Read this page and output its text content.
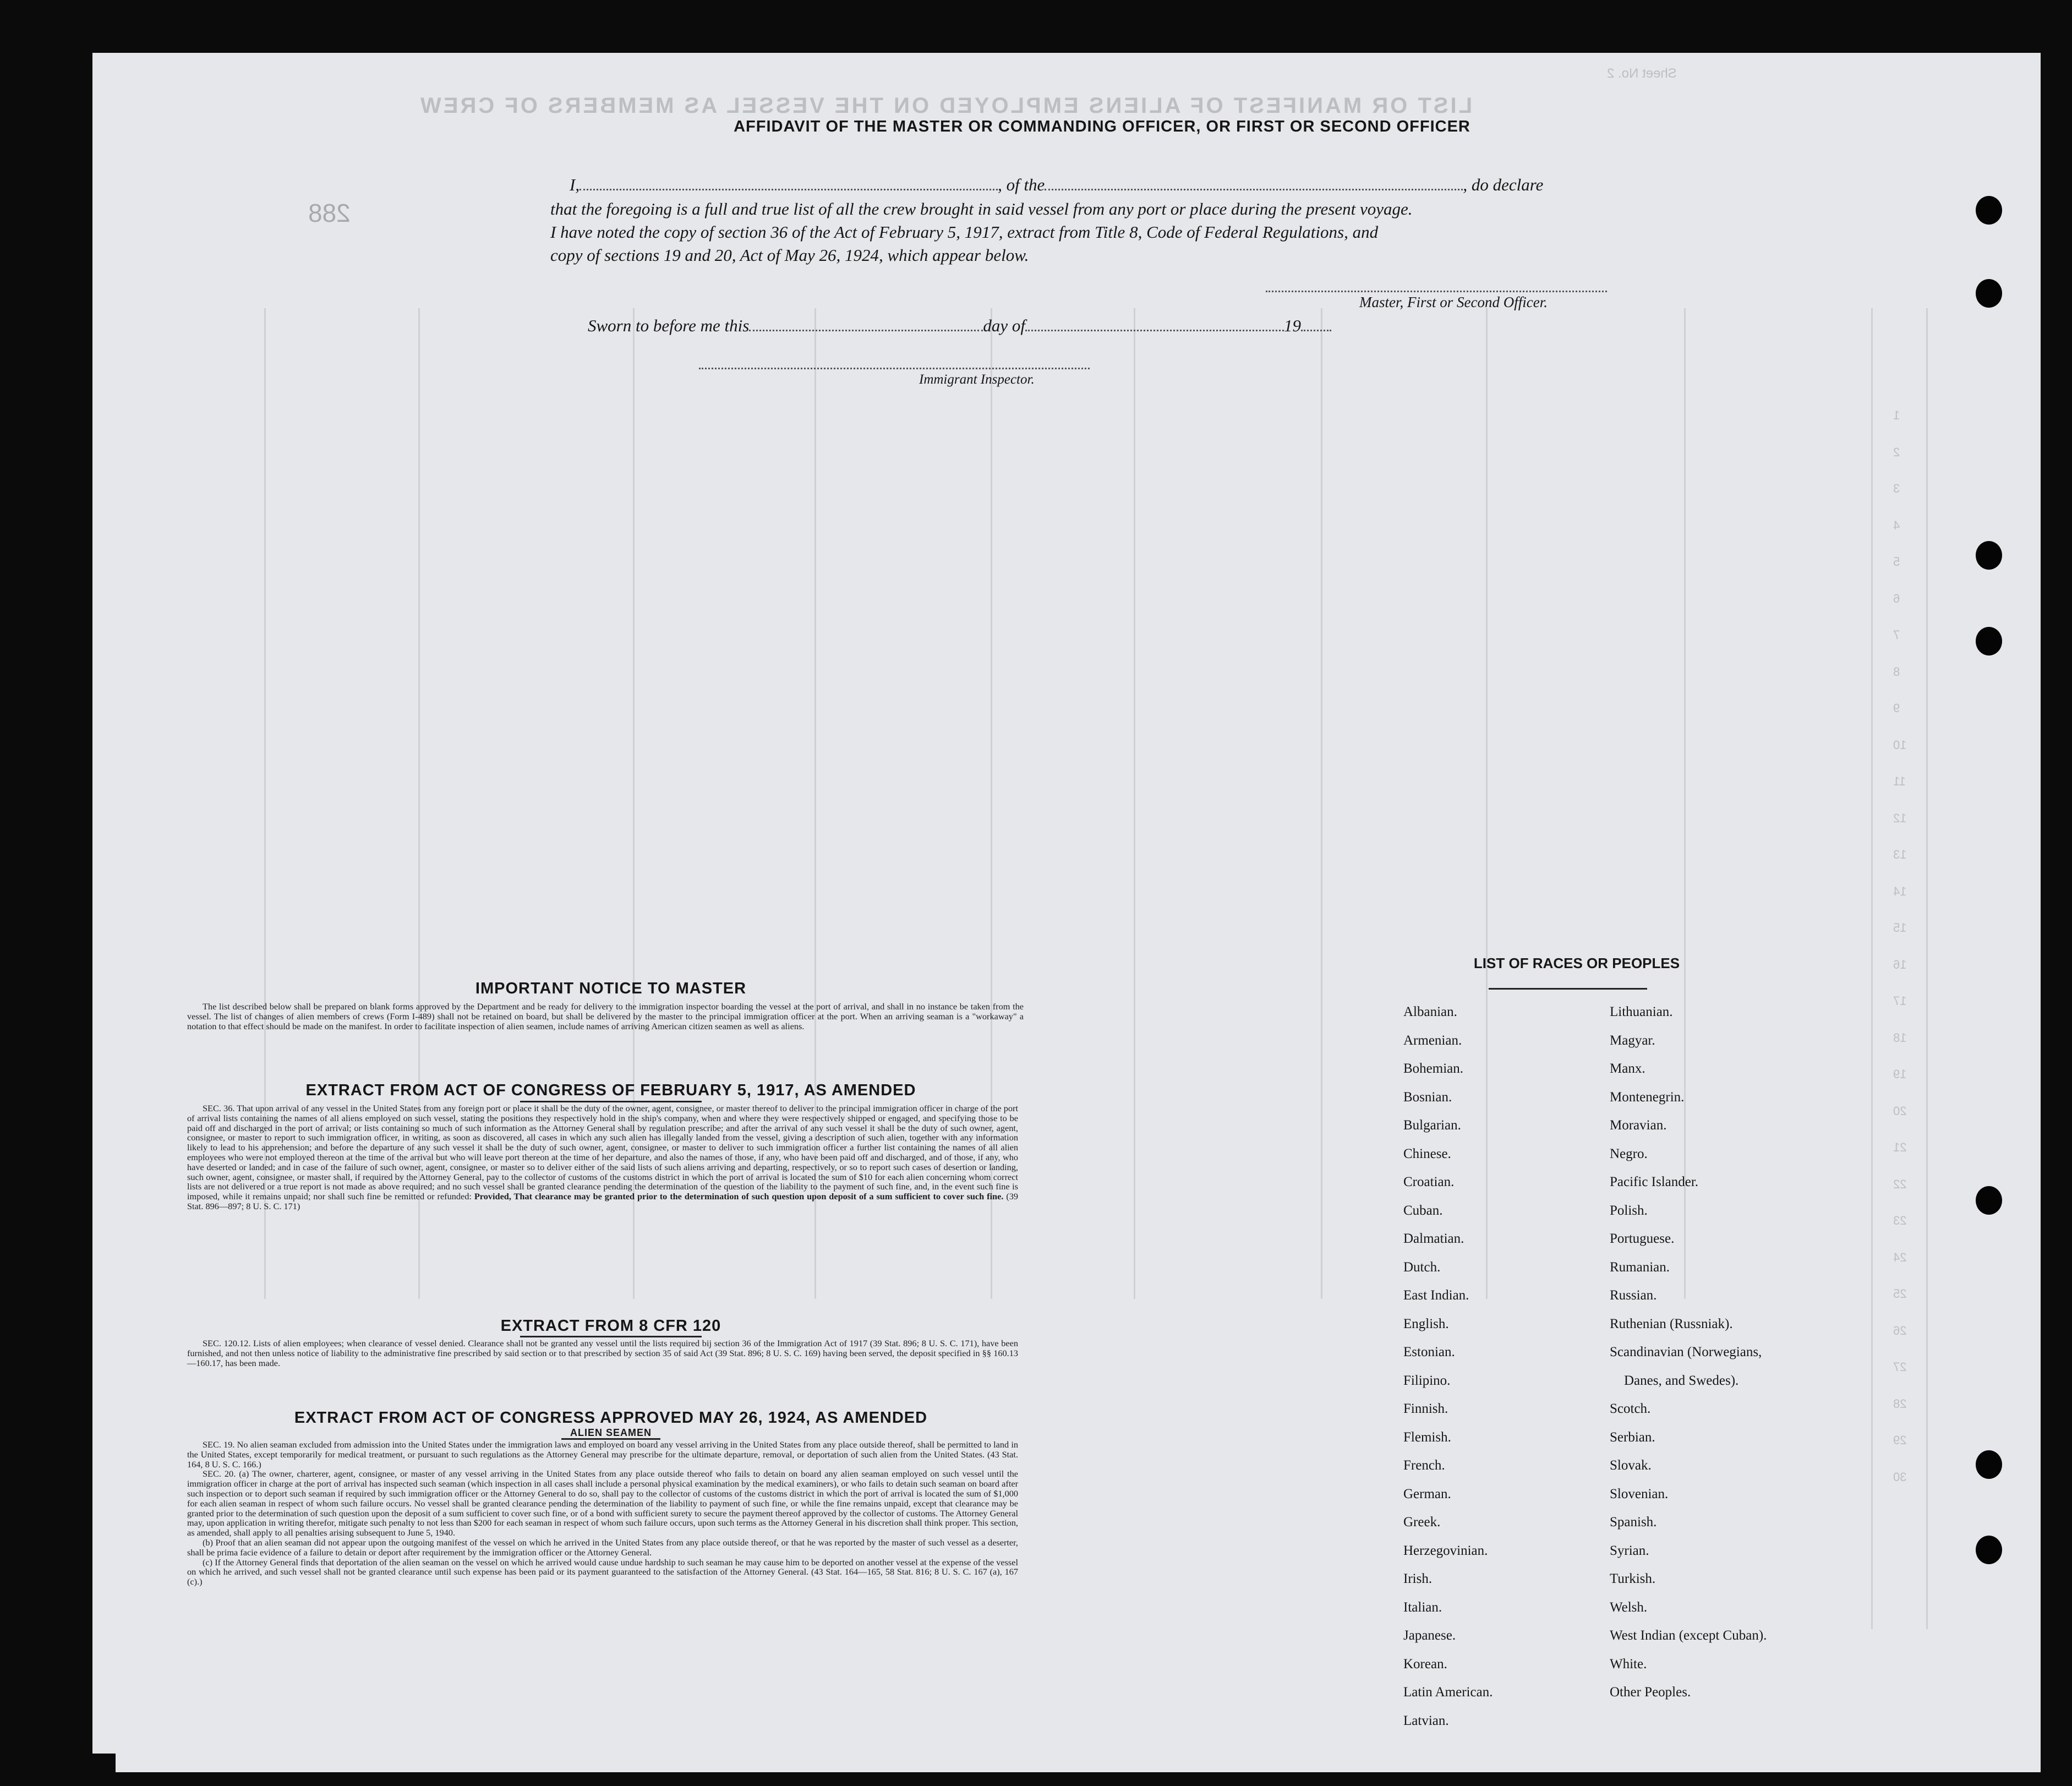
LIST OR MANIFEST OF ALIENS EMPLOYED ON THE VESSEL AS MEMBERS OF CREW
Sheet No. 2
288
1
2
3
4
5
6
7
8
9
10
11
12
13
14
15
16
17
18
19
20
21
22
23
24
25
26
27
28
29
30
AFFIDAVIT OF THE MASTER OR COMMANDING OFFICER, OR FIRST OR SECOND OFFICER
I,	, of the	, do declare
that the foregoing is a full and true list of all the crew brought in said vessel from any port or place during the present voyage.
I have noted the copy of section 36 of the Act of February 5, 1917, extract from Title 8, Code of Federal Regulations, and
copy of sections 19 and 20, Act of May 26, 1924, which appear below.
Master, First or Second Officer.
Sworn to before me this	day of	19
Immigrant Inspector.
IMPORTANT NOTICE TO MASTER

The list described below shall be prepared on blank forms approved by the Department and be ready for delivery to the immigration inspector boarding the vessel at the port of arrival, and shall in no instance be taken from the vessel. The list of changes of alien members of crews (Form I-489) shall not be retained on board, but shall be delivered by the master to the principal immigration officer at the port. When an arriving seaman is a "workaway" a notation to that effect should be made on the manifest. In order to facilitate inspection of alien seamen, include names of arriving American citizen seamen as well as aliens.

EXTRACT FROM ACT OF CONGRESS OF FEBRUARY 5, 1917, AS AMENDED

SEC. 36. That upon arrival of any vessel in the United States from any foreign port or place it shall be the duty of the owner, agent, consignee, or master thereof to deliver to the principal immigration officer in charge of the port of arrival lists containing the names of all aliens employed on such vessel, stating the positions they respectively hold in the ship's company, when and where they were respectively shipped or engaged, and specifying those to be paid off and discharged in the port of arrival; or lists containing so much of such information as the Attorney General shall by regulation prescribe; and after the arrival of any such vessel it shall be the duty of such owner, agent, consignee, or master to report to such immigration officer, in writing, as soon as discovered, all cases in which any such alien has illegally landed from the vessel, giving a description of such alien, together with any information likely to lead to his apprehension; and before the departure of any such vessel it shall be the duty of such owner, agent, consignee, or master to deliver to such immigration officer a further list containing the names of all alien employees who were not employed thereon at the time of the arrival but who will leave port thereon at the time of her departure, and also the names of those, if any, who have been paid off and discharged, and of those, if any, who have deserted or landed; and in case of the failure of such owner, agent, consignee, or master so to deliver either of the said lists of such aliens arriving and departing, respectively, or so to report such cases of desertion or landing, such owner, agent, consignee, or master shall, if required by the Attorney General, pay to the collector of customs of the customs district in which the port of arrival is located the sum of $10 for each alien concerning whom correct lists are not delivered or a true report is not made as above required; and no such vessel shall be granted clearance pending the determination of the question of the liability to the payment of such fine, and, in the event such fine is imposed, while it remains unpaid; nor shall such fine be remitted or refunded: Provided, That clearance may be granted prior to the determination of such question upon deposit of a sum sufficient to cover such fine. (39 Stat. 896—897; 8 U. S. C. 171)

EXTRACT FROM 8 CFR 120

SEC. 120.12. Lists of alien employees; when clearance of vessel denied. Clearance shall not be granted any vessel until the lists required bij section 36 of the Immigration Act of 1917 (39 Stat. 896; 8 U. S. C. 171), have been furnished, and not then unless notice of liability to the administrative fine prescribed by said section or to that prescribed by section 35 of said Act (39 Stat. 896; 8 U. S. C. 169) having been served, the deposit specified in §§ 160.13—160.17, has been made.

EXTRACT FROM ACT OF CONGRESS APPROVED MAY 26, 1924, AS AMENDED
ALIEN SEAMEN

SEC. 19. No alien seaman excluded from admission into the United States under the immigration laws and employed on board any vessel arriving in the United States from any place outside thereof, shall be permitted to land in the United States, except temporarily for medical treatment, or pursuant to such regulations as the Attorney General may prescribe for the ultimate departure, removal, or deportation of such alien from the United States. (43 Stat. 164, 8 U. S. C. 166.)

SEC. 20. (a) The owner, charterer, agent, consignee, or master of any vessel arriving in the United States from any place outside thereof who fails to detain on board any alien seaman employed on such vessel until the immigration officer in charge at the port of arrival has inspected such seaman (which inspection in all cases shall include a personal physical examination by the medical examiners), or who fails to detain such seaman on board after such inspection or to deport such seaman if required by such immigration officer or the Attorney General to do so, shall pay to the collector of customs of the customs district in which the port of arrival is located the sum of $1,000 for each alien seaman in respect of whom such failure occurs. No vessel shall be granted clearance pending the determination of the liability to payment of such fine, or while the fine remains unpaid, except that clearance may be granted prior to the determination of such question upon the deposit of a sum sufficient to cover such fine, or of a bond with sufficient surety to secure the payment thereof approved by the collector of customs. The Attorney General may, upon application in writing therefor, mitigate such penalty to not less than $200 for each seaman in respect of whom such failure occurs, upon such terms as the Attorney General in his discretion shall think proper. This section, as amended, shall apply to all penalties arising subsequent to June 5, 1940.

(b) Proof that an alien seaman did not appear upon the outgoing manifest of the vessel on which he arrived in the United States from any place outside thereof, or that he was reported by the master of such vessel as a deserter, shall be prima facie evidence of a failure to detain or deport after requirement by the immigration officer or the Attorney General.

(c) If the Attorney General finds that deportation of the alien seaman on the vessel on which he arrived would cause undue hardship to such seaman he may cause him to be deported on another vessel at the expense of the vessel on which he arrived, and such vessel shall not be granted clearance until such expense has been paid or its payment guaranteed to the satisfaction of the Attorney General. (43 Stat. 164—165, 58 Stat. 816; 8 U. S. C. 167 (a), 167 (c).)

LIST OF RACES OR PEOPLES
Albanian.
Armenian.
Bohemian.
Bosnian.
Bulgarian.
Chinese.
Croatian.
Cuban.
Dalmatian.
Dutch.
East Indian.
English.
Estonian.
Filipino.
Finnish.
Flemish.
French.
German.
Greek.
Herzegovinian.
Irish.
Italian.
Japanese.
Korean.
Latin American.
Latvian.
Lithuanian.
Magyar.
Manx.
Montenegrin.
Moravian.
Negro.
Pacific Islander.
Polish.
Portuguese.
Rumanian.
Russian.
Ruthenian (Russniak).
Scandinavian (Norwegians,
Danes, and Swedes).
Scotch.
Serbian.
Slovak.
Slovenian.
Spanish.
Syrian.
Turkish.
Welsh.
West Indian (except Cuban).
White.
Other Peoples.
